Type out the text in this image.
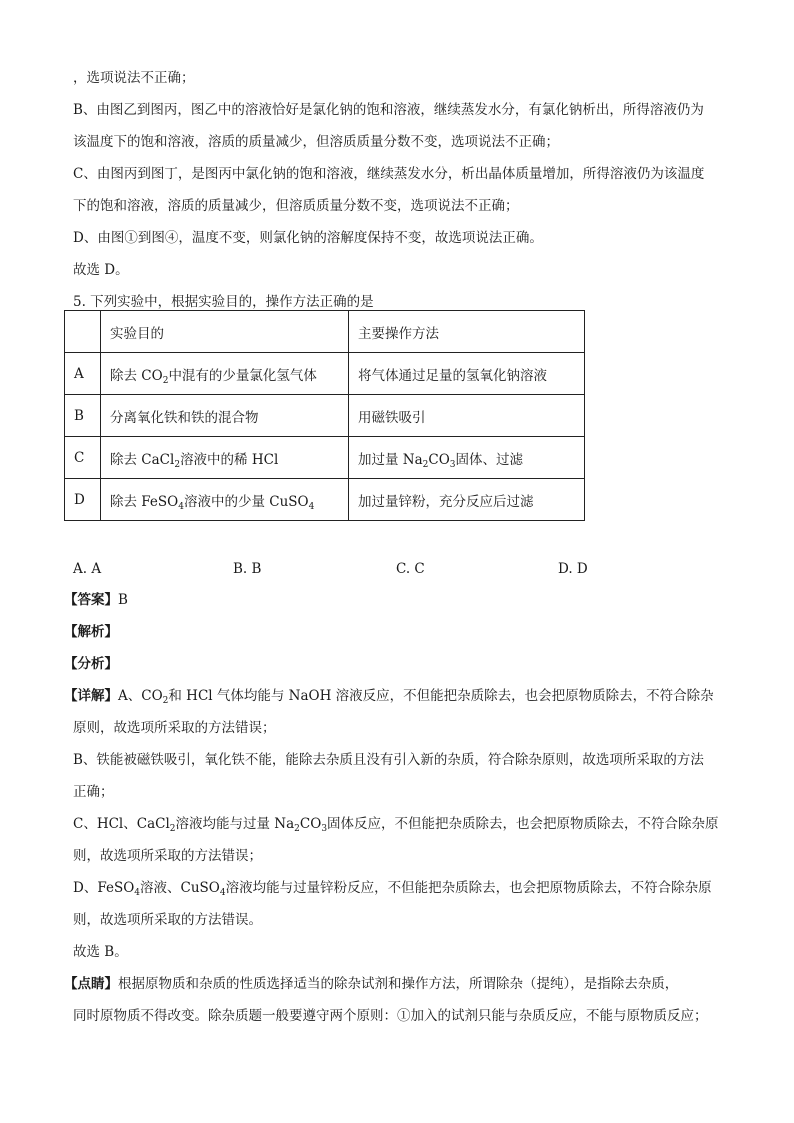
，选项说法不正确；
B、由图乙到图丙，图乙中的溶液恰好是氯化钠的饱和溶液，继续蒸发水分，有氯化钠析出，所得溶液仍为
该温度下的饱和溶液，溶质的质量减少，但溶质质量分数不变，选项说法不正确；
C、由图丙到图丁，是图丙中氯化钠的饱和溶液，继续蒸发水分，析出晶体质量增加，所得溶液仍为该温度
下的饱和溶液，溶质的质量减少，但溶质质量分数不变，选项说法不正确；
D、由图①到图④，温度不变，则氯化钠的溶解度保持不变，故选项说法正确。
故选 D。
5. 下列实验中，根据实验目的，操作方法正确的是
	实验目的	主要操作方法
A	除去 $CO_2$中混有的少量氯化氢气体	将气体通过足量的氢氧化钠溶液
B	分离氧化铁和铁的混合物	用磁铁吸引
C	除去 CaCl$_2$溶液中的稀 HCl	加过量 $Na_2CO_3$固体、过滤
D	除去 FeSO$_4$溶液中的少量 CuSO$_4$	加过量锌粉，充分反应后过滤
A. A	B. B	C. C	D. D
【答案】B
【解析】
【分析】
【详解】A、$CO_2$和 HCl 气体均能与 NaOH 溶液反应，不但能把杂质除去，也会把原物质除去，不符合除杂
原则，故选项所采取的方法错误；
B、铁能被磁铁吸引，氧化铁不能，能除去杂质且没有引入新的杂质，符合除杂原则，故选项所采取的方法
正确；
C、HCl、CaCl$_2$溶液均能与过量 $Na_2CO_3$固体反应，不但能把杂质除去，也会把原物质除去，不符合除杂原
则，故选项所采取的方法错误；
D、FeSO$_4$溶液、CuSO$_4$溶液均能与过量锌粉反应，不但能把杂质除去，也会把原物质除去，不符合除杂原
则，故选项所采取的方法错误。
故选 B。
【点睛】根据原物质和杂质的性质选择适当的除杂试剂和操作方法，所谓除杂（提纯），是指除去杂质，
同时原物质不得改变。除杂质题一般要遵守两个原则：①加入的试剂只能与杂质反应，不能与原物质反应；
